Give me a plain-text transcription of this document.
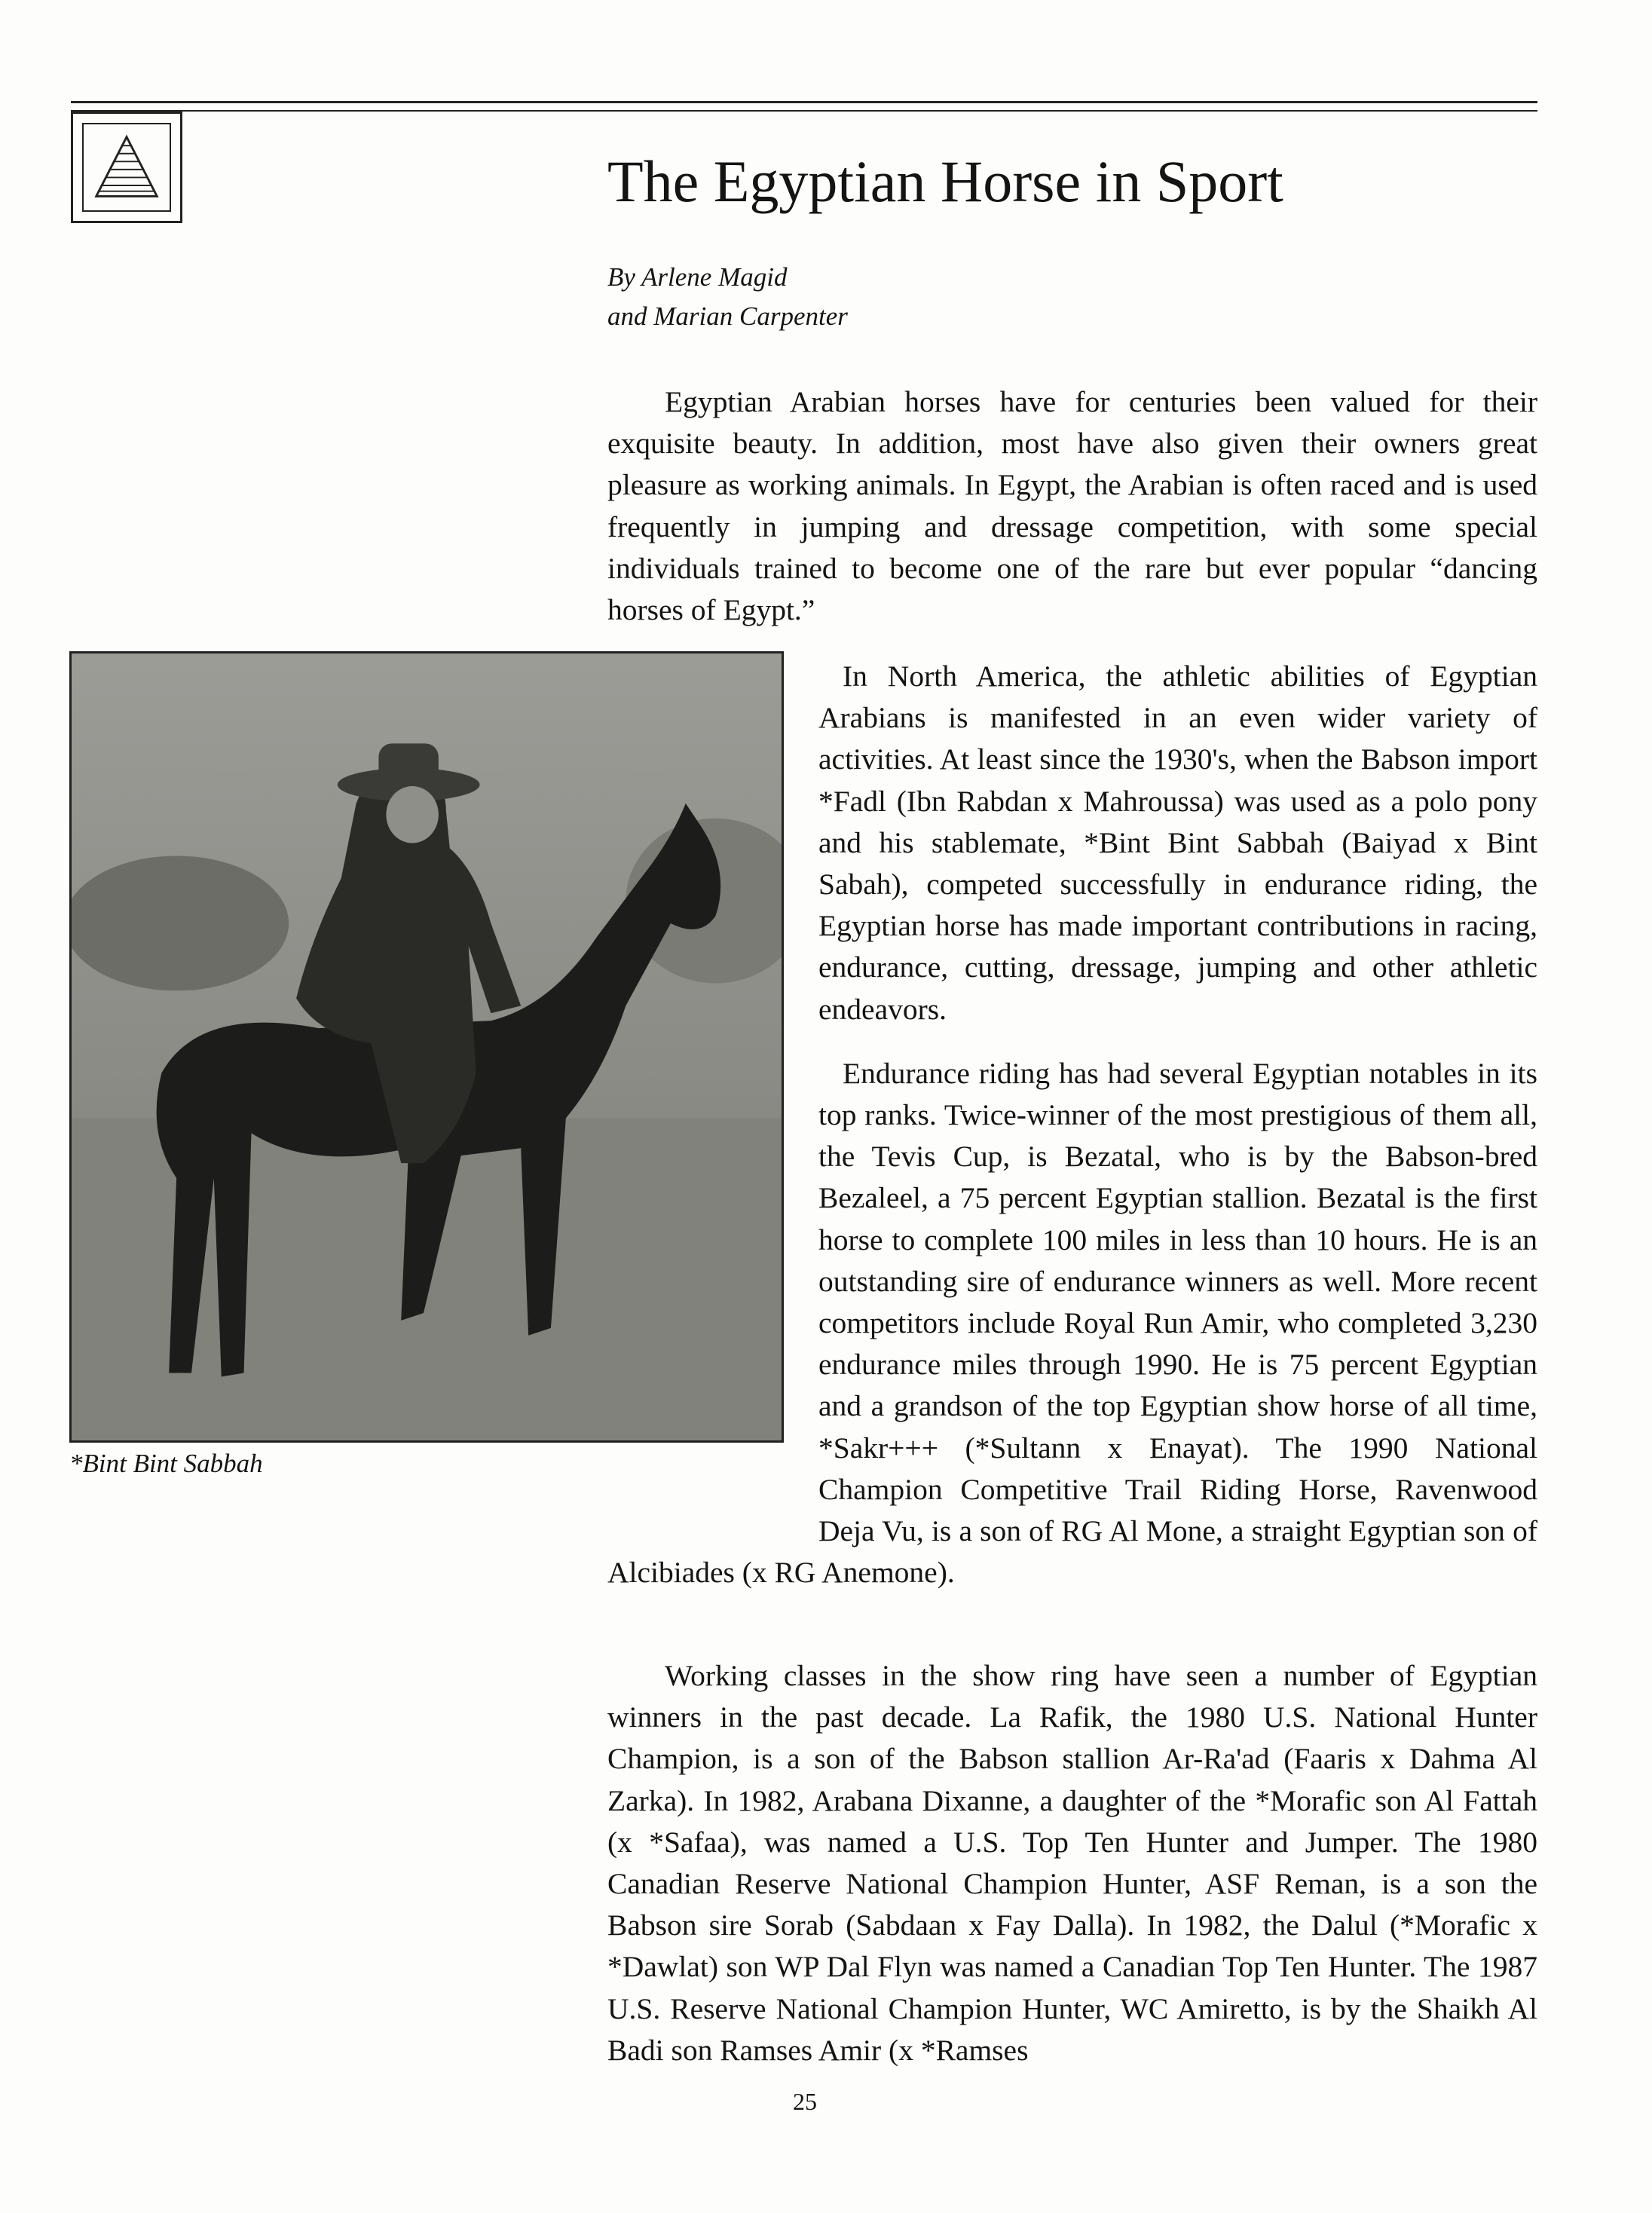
The Egyptian Horse in Sport
By Arlene Magid
and Marian Carpenter

Egyptian Arabian horses have for centuries been valued for their exquisite beauty. In addition, most have also given their owners great pleasure as working animals. In Egypt, the Arabian is often raced and is used frequently in jumping and dressage competition, with some special individuals trained to become one of the rare but ever popular “dancing horses of Egypt.”

*Bint Bint Sabbah

In North America, the athletic abilities of Egyptian Arabians is manifested in an even wider variety of activities. At least since the 1930's, when the Babson import *Fadl (Ibn Rabdan x Mahroussa) was used as a polo pony and his stablemate, *Bint Bint Sabbah (Baiyad x Bint Sabah), competed successfully in endurance riding, the Egyptian horse has made important contributions in racing, endurance, cutting, dressage, jumping and other athletic endeavors.

Endurance riding has had several Egyptian notables in its top ranks. Twice-winner of the most prestigious of them all, the Tevis Cup, is Bezatal, who is by the Babson-bred Bezaleel, a 75 percent Egyptian stallion. Bezatal is the first horse to complete 100 miles in less than 10 hours. He is an outstanding sire of endurance winners as well. More recent competitors include Royal Run Amir, who completed 3,230 endurance miles through 1990. He is 75 percent Egyptian and a grandson of the top Egyptian show horse of all time, *Sakr+++ (*Sultann x Enayat). The 1990 National Champion Competitive Trail Riding Horse, Ravenwood Deja Vu, is a son of RG Al Mone, a straight Egyptian son of Alcibiades (x RG Anemone).

Working classes in the show ring have seen a number of Egyptian winners in the past decade. La Rafik, the 1980 U.S. National Hunter Champion, is a son of the Babson stallion Ar-Ra'ad (Faaris x Dahma Al Zarka). In 1982, Arabana Dixanne, a daughter of the *Morafic son Al Fattah (x *Safaa), was named a U.S. Top Ten Hunter and Jumper. The 1980 Canadian Reserve National Champion Hunter, ASF Reman, is a son the Babson sire Sorab (Sabdaan x Fay Dalla). In 1982, the Dalul (*Morafic x *Dawlat) son WP Dal Flyn was named a Canadian Top Ten Hunter. The 1987 U.S. Reserve National Champion Hunter, WC Amiretto, is by the Shaikh Al Badi son Ramses Amir (x *Ramses

25
